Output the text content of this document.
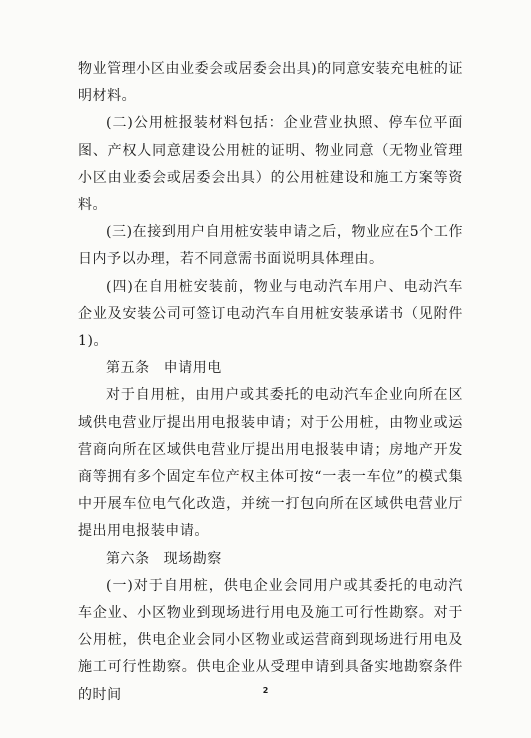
物业管理小区由业委会或居委会出具)的同意安装充电桩的证明材料。

(二)公用桩报装材料包括：企业营业执照、停车位平面图、产权人同意建设公用桩的证明、物业同意（无物业管理小区由业委会或居委会出具）的公用桩建设和施工方案等资料。

(三)在接到用户自用桩安装申请之后，物业应在5个工作日内予以办理，若不同意需书面说明具体理由。

(四)在自用桩安装前，物业与电动汽车用户、电动汽车企业及安装公司可签订电动汽车自用桩安装承诺书（见附件1)。

第五条 申请用电

对于自用桩，由用户或其委托的电动汽车企业向所在区域供电营业厅提出用电报装申请；对于公用桩，由物业或运营商向所在区域供电营业厅提出用电报装申请；房地产开发商等拥有多个固定车位产权主体可按“一表一车位”的模式集中开展车位电气化改造，并统一打包向所在区域供电营业厅提出用电报装申请。

第六条 现场勘察

(一)对于自用桩，供电企业会同用户或其委托的电动汽车企业、小区物业到现场进行用电及施工可行性勘察。对于公用桩，供电企业会同小区物业或运营商到现场进行用电及施工可行性勘察。供电企业从受理申请到具备实地勘察条件的时间	2
